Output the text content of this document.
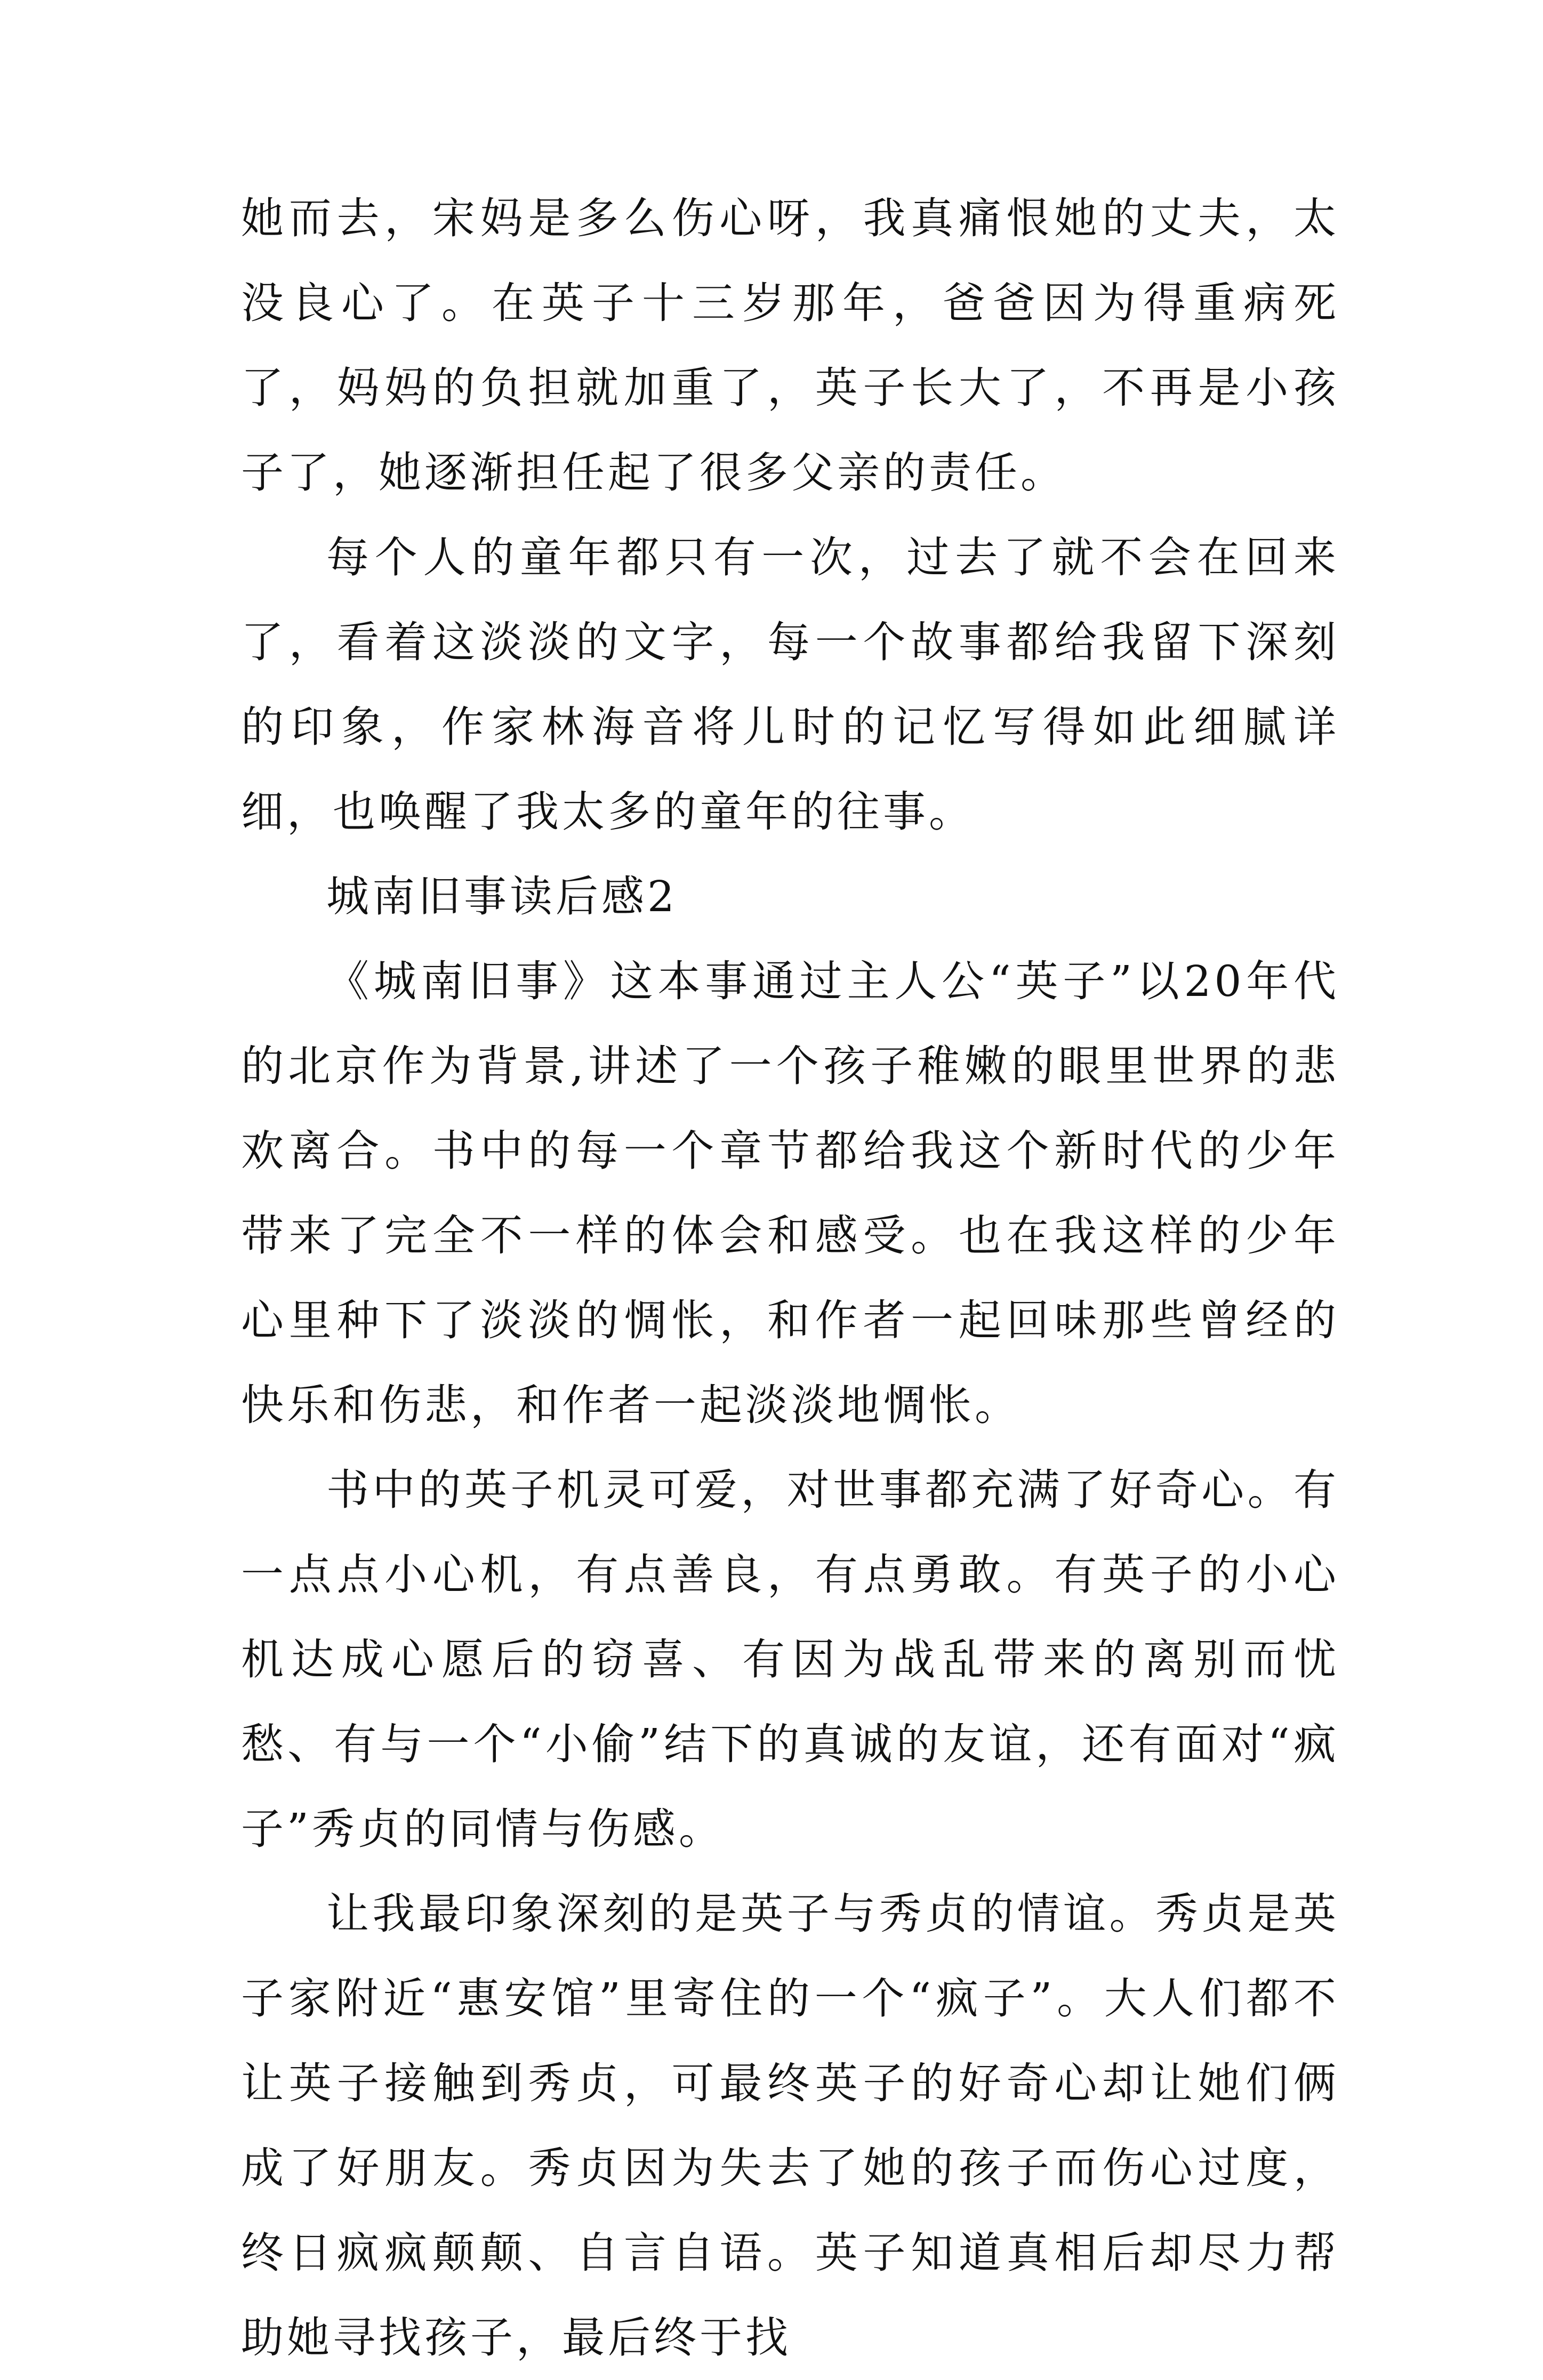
她而去，宋妈是多么伤心呀，我真痛恨她的丈夫，太没良心了。在英子十三岁那年，爸爸因为得重病死了，妈妈的负担就加重了，英子长大了，不再是小孩子了，她逐渐担任起了很多父亲的责任。

每个人的童年都只有一次，过去了就不会在回来了，看着这淡淡的文字，每一个故事都给我留下深刻的印象，作家林海音将儿时的记忆写得如此细腻详细，也唤醒了我太多的童年的往事。

城南旧事读后感2

《城南旧事》这本事通过主人公“英子”以20年代的北京作为背景,讲述了一个孩子稚嫩的眼里世界的悲欢离合。书中的每一个章节都给我这个新时代的少年带来了完全不一样的体会和感受。也在我这样的少年心里种下了淡淡的惆怅，和作者一起回味那些曾经的快乐和伤悲，和作者一起淡淡地惆怅。

书中的英子机灵可爱，对世事都充满了好奇心。有一点点小心机，有点善良，有点勇敢。有英子的小心机达成心愿后的窃喜、有因为战乱带来的离别而忧愁、有与一个“小偷”结下的真诚的友谊，还有面对“疯子”秀贞的同情与伤感。

让我最印象深刻的是英子与秀贞的情谊。秀贞是英子家附近“惠安馆”里寄住的一个“疯子”。大人们都不让英子接触到秀贞，可最终英子的好奇心却让她们俩成了好朋友。秀贞因为失去了她的孩子而伤心过度，终日疯疯颠颠、自言自语。英子知道真相后却尽力帮助她寻找孩子，最后终于找
